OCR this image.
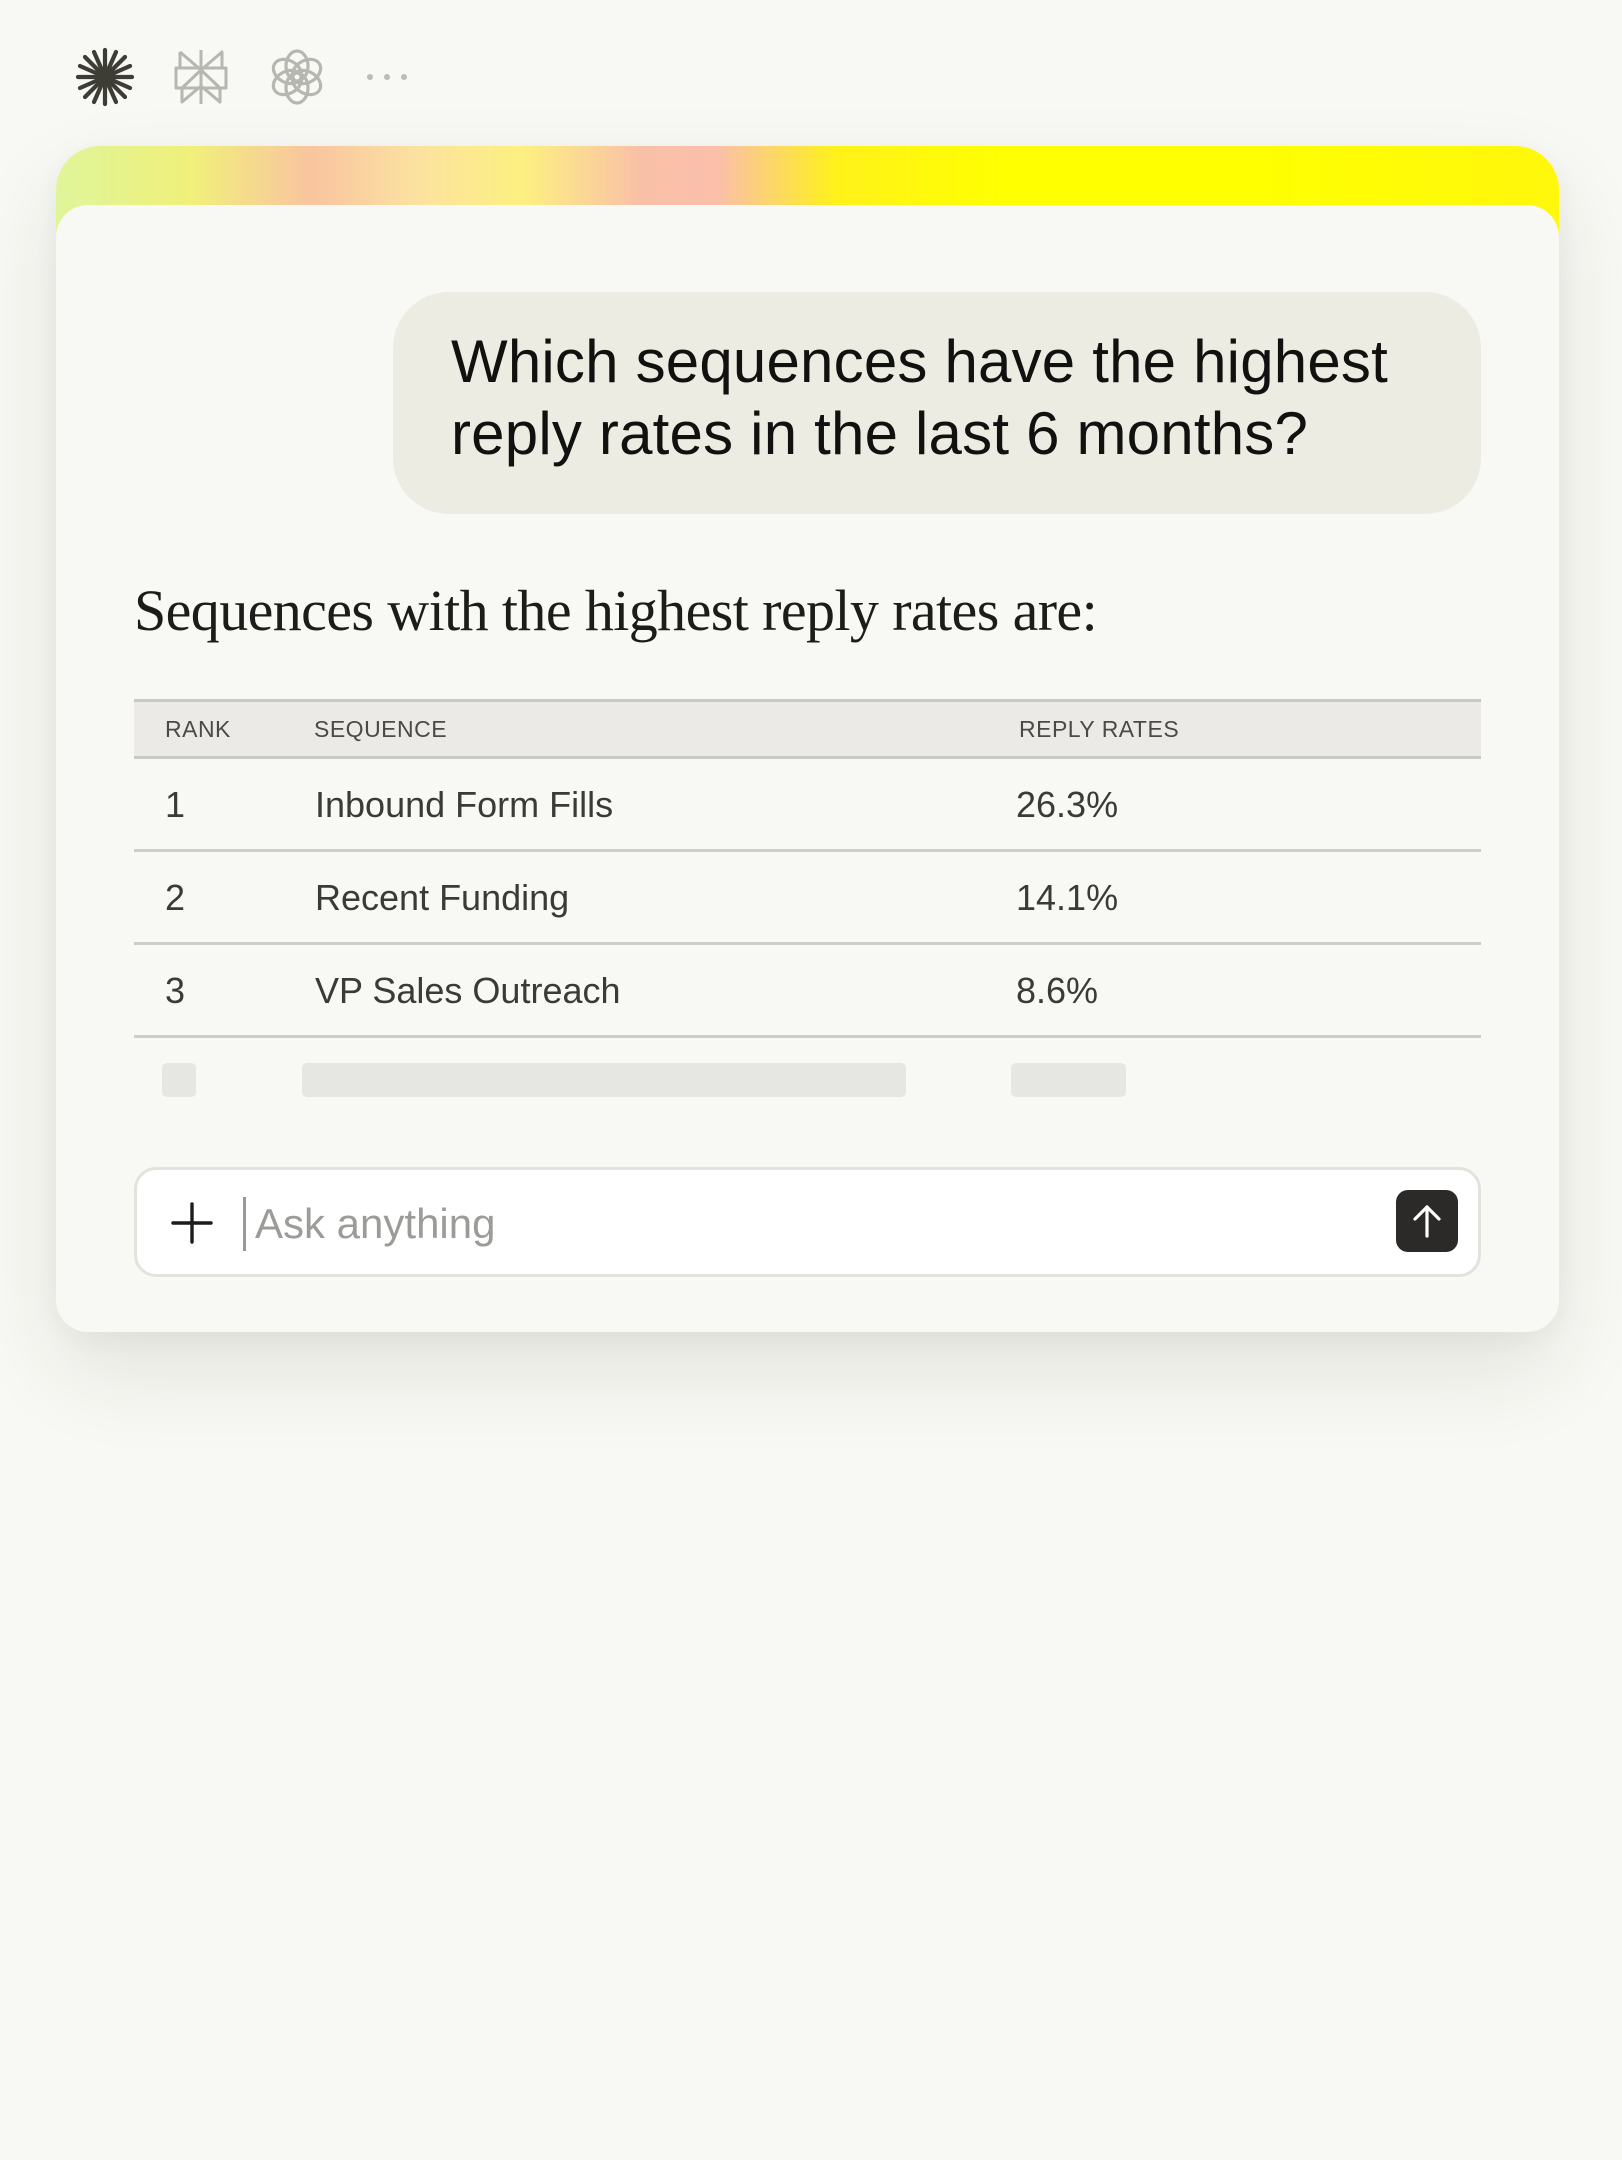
Which sequences have the highest reply rates in the last 6 months?
Sequences with the highest reply rates are:
RANK	SEQUENCE	REPLY RATES
1	Inbound Form Fills	26.3%
2	Recent Funding	14.1%
3	VP Sales Outreach	8.6%
Ask anything
